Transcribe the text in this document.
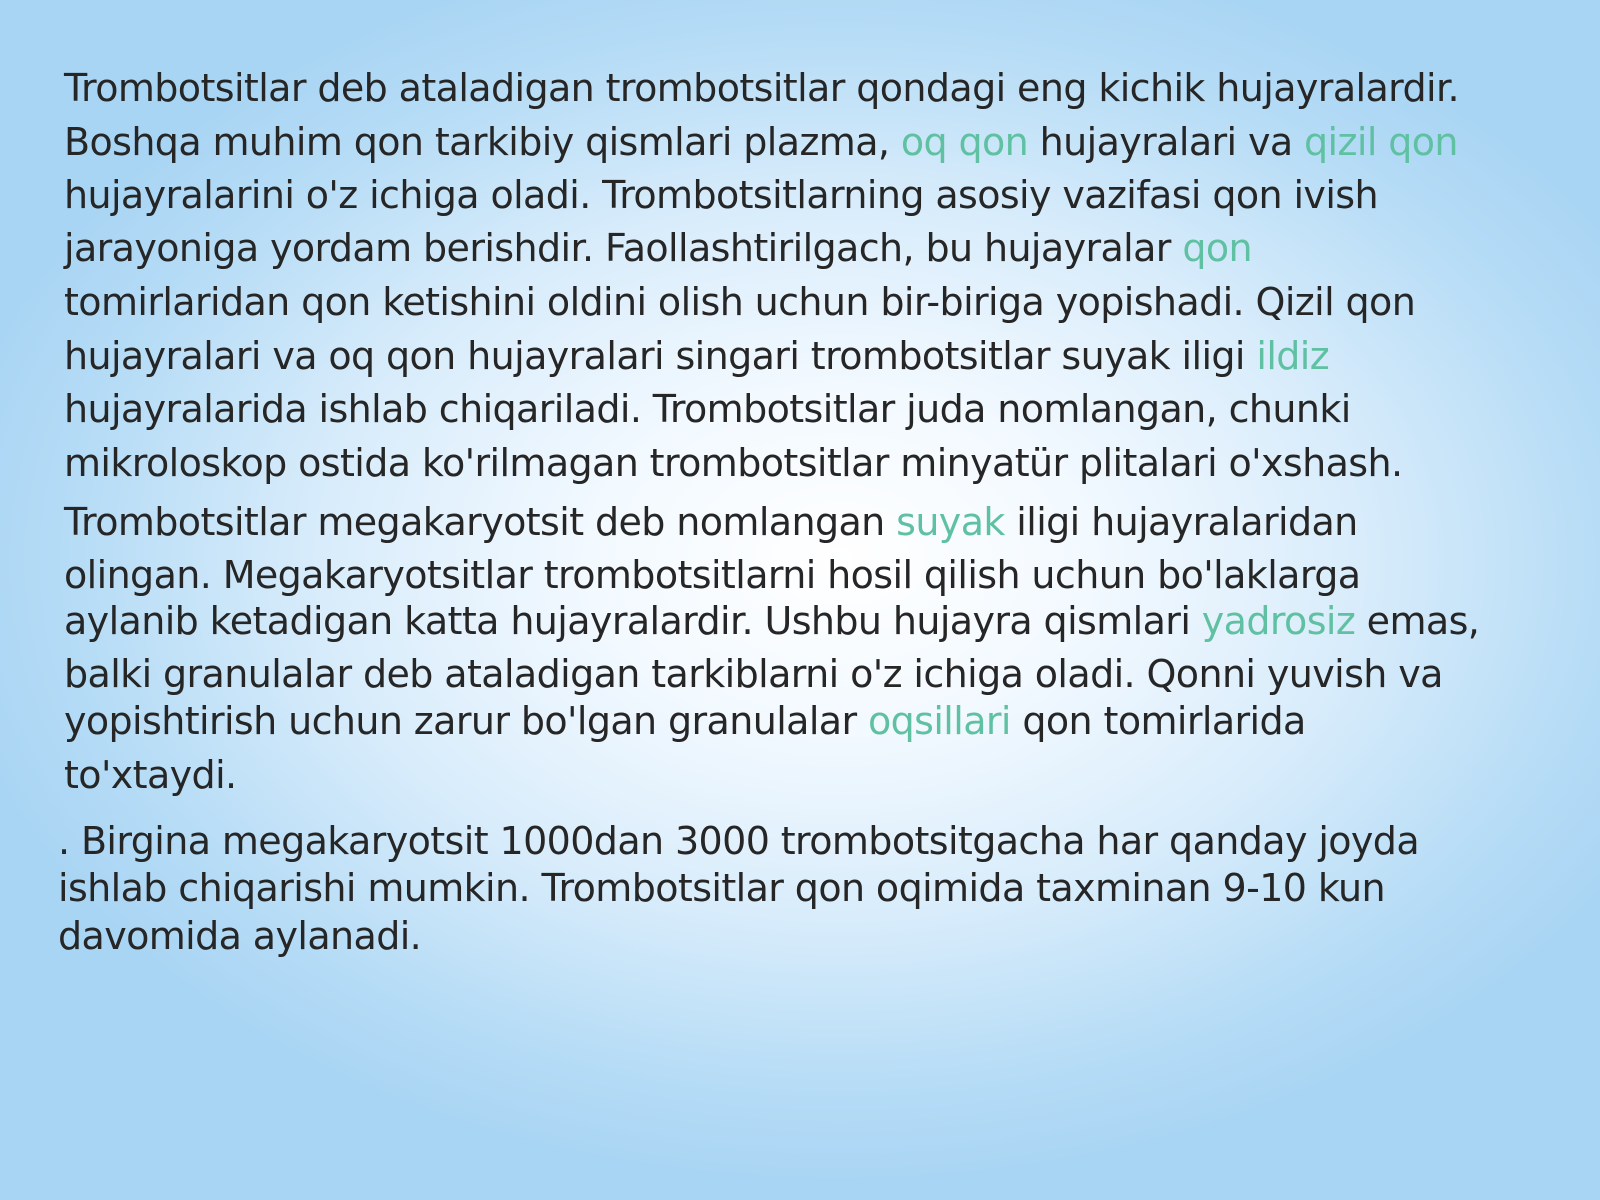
Trombotsitlar deb ataladigan trombotsitlar qondagi eng kichik hujayralardir.
Boshqa muhim qon tarkibiy qismlari plazma, oq qon hujayralari va qizil qon
hujayralarini o'z ichiga oladi. Trombotsitlarning asosiy vazifasi qon ivish
jarayoniga yordam berishdir. Faollashtirilgach, bu hujayralar qon
tomirlaridan qon ketishini oldini olish uchun bir-biriga yopishadi. Qizil qon
hujayralari va oq qon hujayralari singari trombotsitlar suyak iligi ildiz
hujayralarida ishlab chiqariladi. Trombotsitlar juda nomlangan, chunki
mikroloskop ostida ko'rilmagan trombotsitlar minyatür plitalari o'xshash.
Trombotsitlar megakaryotsit deb nomlangan suyak iligi hujayralaridan
olingan. Megakaryotsitlar trombotsitlarni hosil qilish uchun bo'laklarga
aylanib ketadigan katta hujayralardir. Ushbu hujayra qismlari yadrosiz emas,
balki granulalar deb ataladigan tarkiblarni o'z ichiga oladi. Qonni yuvish va
yopishtirish uchun zarur bo'lgan granulalar oqsillari qon tomirlarida
to'xtaydi.
. Birgina megakaryotsit 1000dan 3000 trombotsitgacha har qanday joyda
ishlab chiqarishi mumkin. Trombotsitlar qon oqimida taxminan 9-10 kun
davomida aylanadi.
